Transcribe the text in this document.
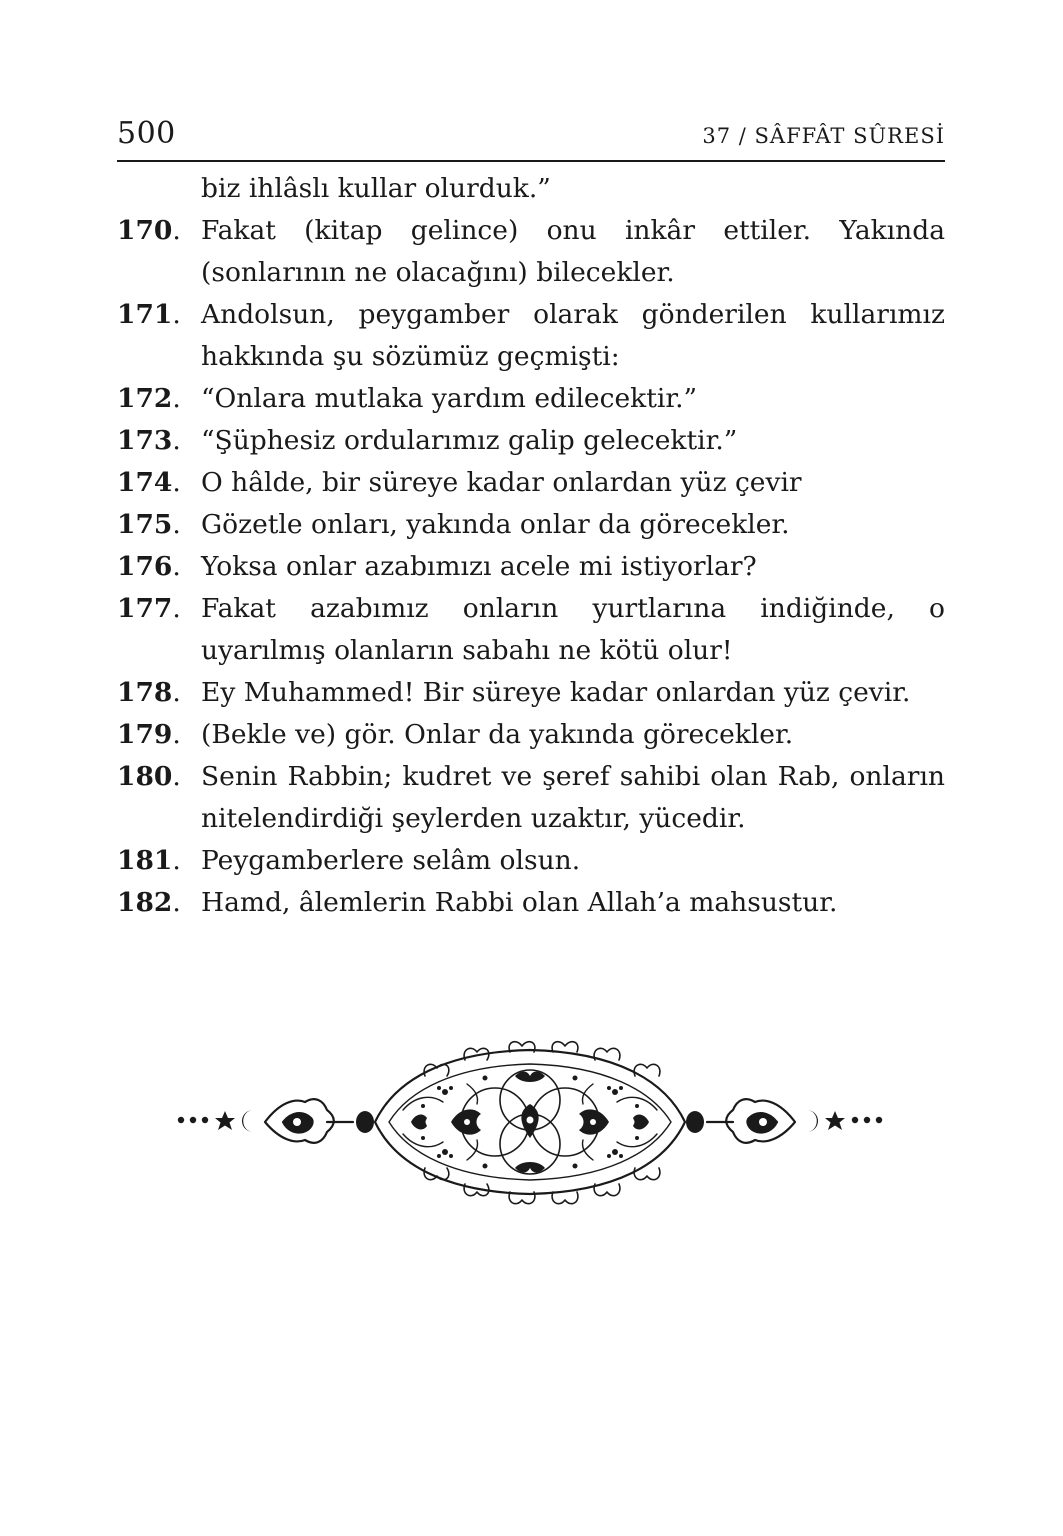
500	37 / SÂFFÂT SÛRESİ
biz ihlâslı kullar olurduk.”
170. Fakat (kitap gelince) onu inkâr ettiler. Yakında (sonlarının ne olacağını) bilecekler.
171. Andolsun, peygamber olarak gönderilen kullarımız hakkında şu sözümüz geçmişti:
172. “Onlara mutlaka yardım edilecektir.”
173. “Şüphesiz ordularımız galip gelecektir.”
174. O hâlde, bir süreye kadar onlardan yüz çevir
175. Gözetle onları, yakında onlar da görecekler.
176. Yoksa onlar azabımızı acele mi istiyorlar?
177. Fakat azabımız onların yurtlarına indiğinde, o uyarılmış olanların sabahı ne kötü olur!
178. Ey Muhammed! Bir süreye kadar onlardan yüz çevir.
179. (Bekle ve) gör. Onlar da yakında görecekler.
180. Senin Rabbin; kudret ve şeref sahibi olan Rab, onların nitelendirdiği şeylerden uzaktır, yücedir.
181. Peygamberlere selâm olsun.
182. Hamd, âlemlerin Rabbi olan Allah’a mahsustur.
